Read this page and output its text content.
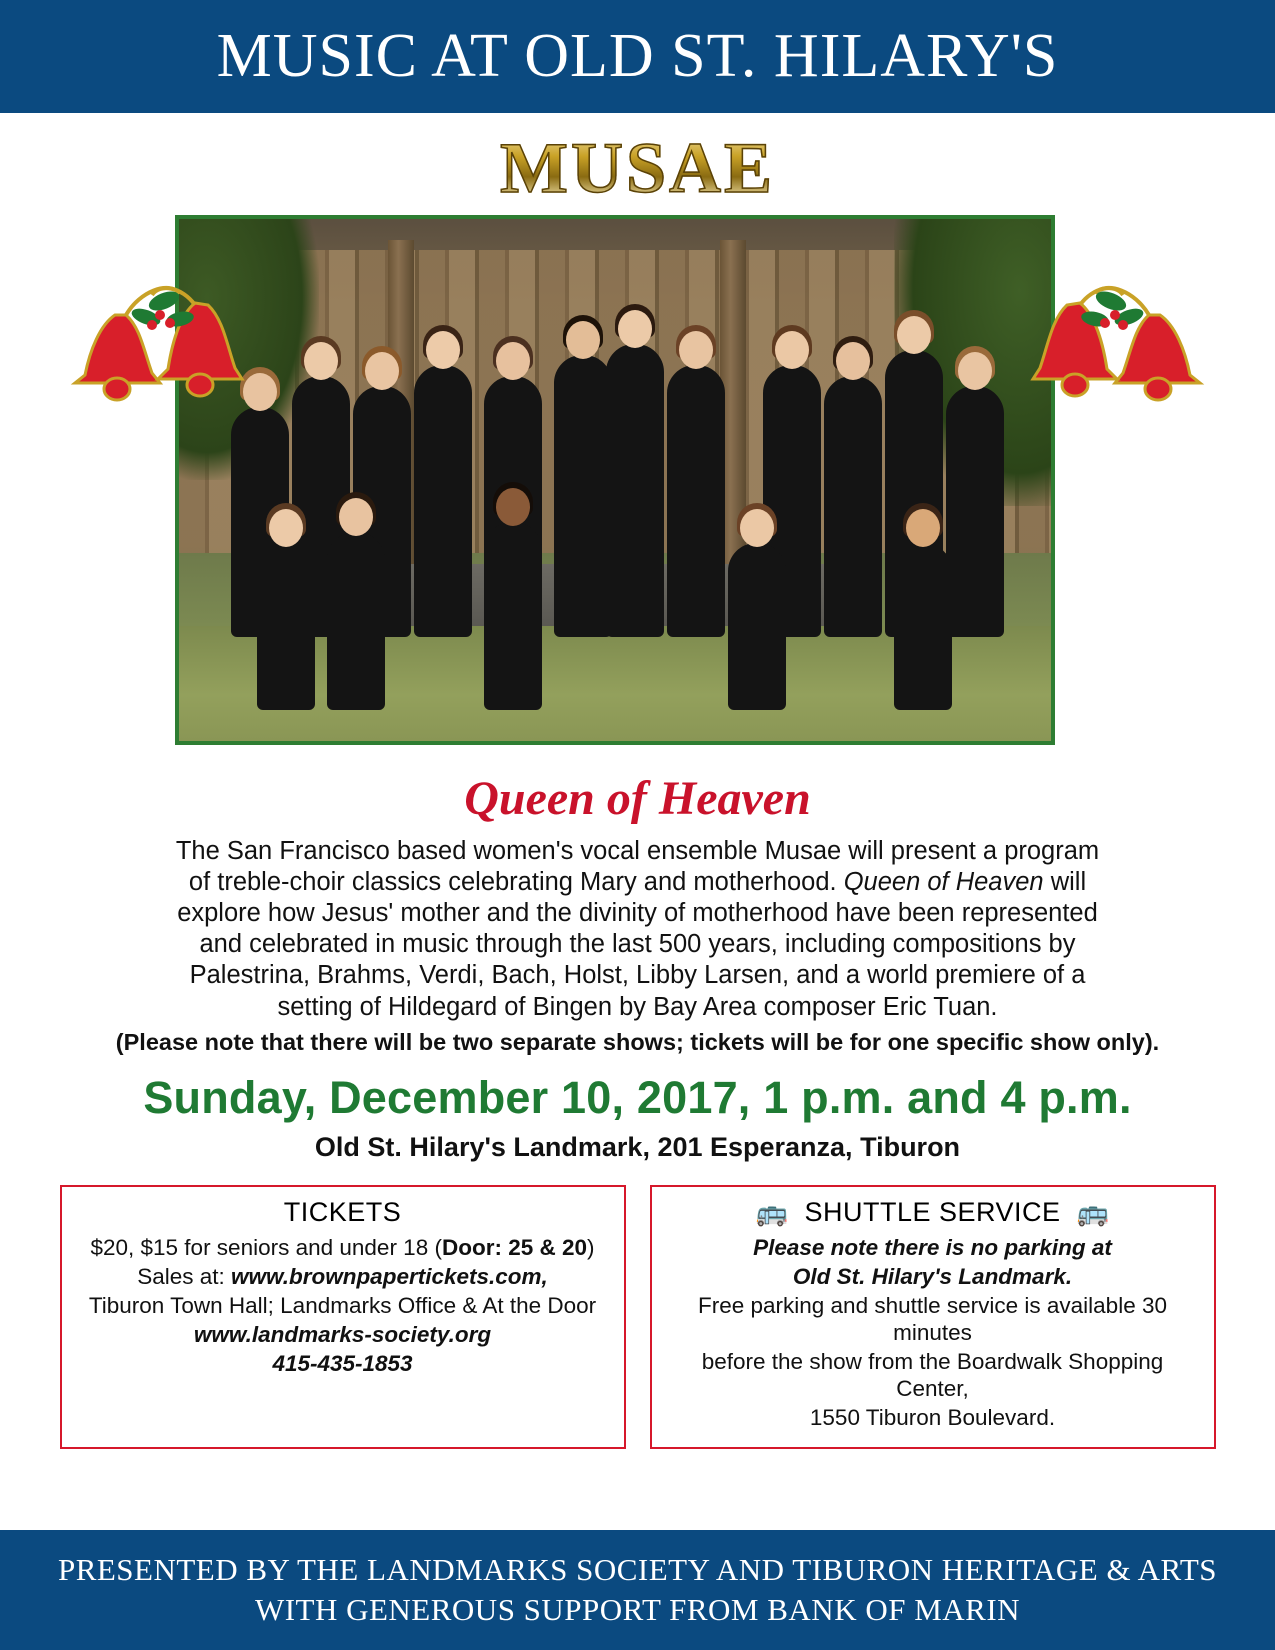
MUSIC AT OLD ST. HILARY'S
MUSAE
Queen of Heaven
The San Francisco based women's vocal ensemble Musae will present a program
of treble-choir classics celebrating Mary and motherhood. Queen of Heaven will
explore how Jesus' mother and the divinity of motherhood have been represented
and celebrated in music through the last 500 years, including compositions by
Palestrina, Brahms, Verdi, Bach, Holst, Libby Larsen, and a world premiere of a
setting of Hildegard of Bingen by Bay Area composer Eric Tuan.
(Please note that there will be two separate shows; tickets will be for one specific show only).
Sunday, December 10, 2017, 1 p.m. and 4 p.m.
Old St. Hilary's Landmark, 201 Esperanza, Tiburon
TICKETS

$20, $15 for seniors and under 18 (Door: 25 & 20)

Sales at: www.brownpapertickets.com,

Tiburon Town Hall; Landmarks Office & At the Door

www.landmarks-society.org

415-435-1853

🚌 SHUTTLE SERVICE 🚌

Please note there is no parking at

Old St. Hilary's Landmark.

Free parking and shuttle service is available 30 minutes

before the show from the Boardwalk Shopping Center,

1550 Tiburon Boulevard.

PRESENTED BY THE LANDMARKS SOCIETY AND TIBURON HERITAGE & ARTS
WITH GENEROUS SUPPORT FROM BANK OF MARIN
